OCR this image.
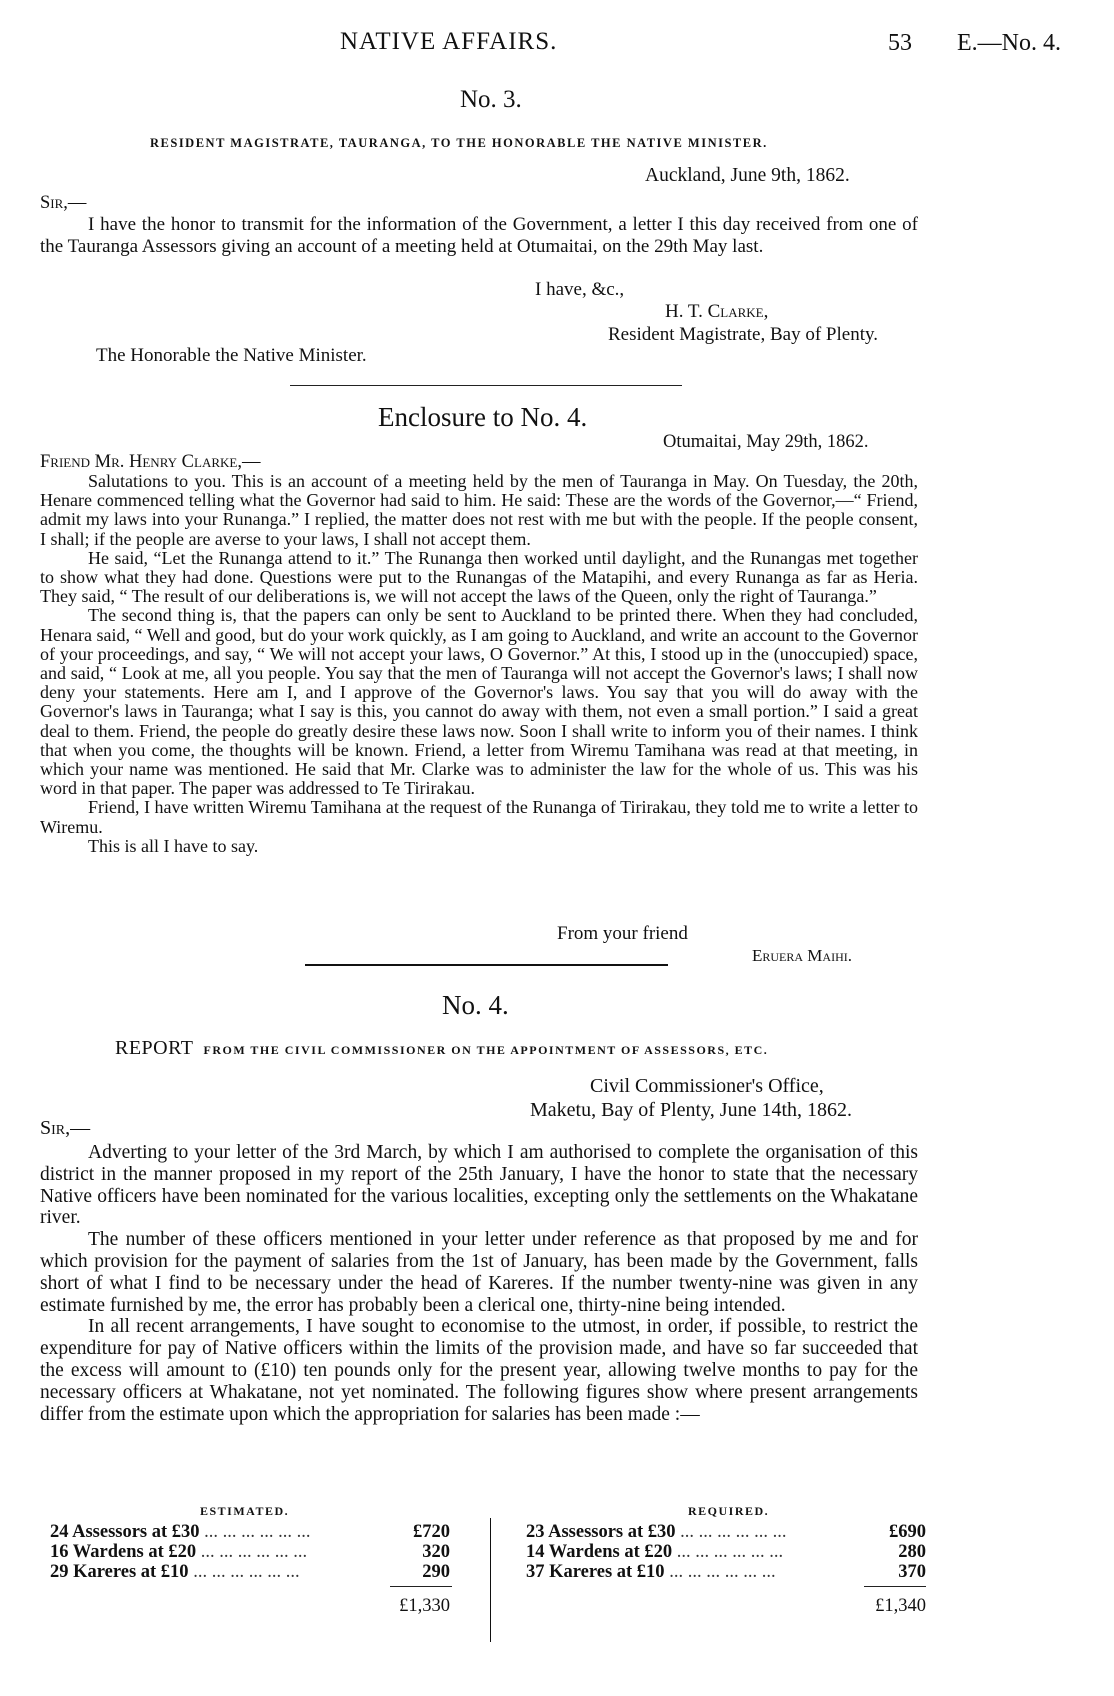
NATIVE AFFAIRS.	53 E.—No. 4.
No. 3.
RESIDENT MAGISTRATE, TAURANGA, TO THE HONORABLE THE NATIVE MINISTER.
Auckland, June 9th, 1862.
Sir,—

I have the honor to transmit for the information of the Government, a letter I this day received from one of the Tauranga Assessors giving an account of a meeting held at Otumaitai, on the 29th May last.

I have, &c.,
H. T. Clarke,
Resident Magistrate, Bay of Plenty.
The Honorable the Native Minister.
Enclosure to No. 4.
Otumaitai, May 29th, 1862.
Friend Mr. Henry Clarke,—

Salutations to you. This is an account of a meeting held by the men of Tauranga in May. On Tuesday, the 20th, Henare commenced telling what the Governor had said to him. He said: These are the words of the Governor,—“ Friend, admit my laws into your Runanga.” I replied, the matter does not rest with me but with the people. If the people consent, I shall; if the people are averse to your laws, I shall not accept them.

He said, “Let the Runanga attend to it.” The Runanga then worked until daylight, and the Runangas met together to show what they had done. Questions were put to the Runangas of the Matapihi, and every Runanga as far as Heria. They said, “ The result of our deliberations is, we will not accept the laws of the Queen, only the right of Tauranga.”

The second thing is, that the papers can only be sent to Auckland to be printed there. When they had concluded, Henara said, “ Well and good, but do your work quickly, as I am going to Auckland, and write an account to the Governor of your proceedings, and say, “ We will not accept your laws, O Governor.” At this, I stood up in the (unoccupied) space, and said, “ Look at me, all you people. You say that the men of Tauranga will not accept the Governor's laws; I shall now deny your statements. Here am I, and I approve of the Governor's laws. You say that you will do away with the Governor's laws in Tauranga; what I say is this, you cannot do away with them, not even a small portion.” I said a great deal to them. Friend, the people do greatly desire these laws now. Soon I shall write to inform you of their names. I think that when you come, the thoughts will be known. Friend, a letter from Wiremu Tamihana was read at that meeting, in which your name was mentioned. He said that Mr. Clarke was to administer the law for the whole of us. This was his word in that paper. The paper was addressed to Te Tirirakau.

Friend, I have written Wiremu Tamihana at the request of the Runanga of Tirirakau, they told me to write a letter to Wiremu.

This is all I have to say.

From your friend
Eruera Maihi.
No. 4.
REPORT FROM THE CIVIL COMMISSIONER ON THE APPOINTMENT OF ASSESSORS, ETC.
Civil Commissioner's Office,
Maketu, Bay of Plenty, June 14th, 1862.
Sir,—

Adverting to your letter of the 3rd March, by which I am authorised to complete the organisation of this district in the manner proposed in my report of the 25th January, I have the honor to state that the necessary Native officers have been nominated for the various localities, excepting only the settlements on the Whakatane river.

The number of these officers mentioned in your letter under reference as that proposed by me and for which provision for the payment of salaries from the 1st of January, has been made by the Government, falls short of what I find to be necessary under the head of Kareres. If the number twenty-nine was given in any estimate furnished by me, the error has probably been a clerical one, thirty-nine being intended.

In all recent arrangements, I have sought to economise to the utmost, in order, if possible, to restrict the expenditure for pay of Native officers within the limits of the provision made, and have so far succeeded that the excess will amount to (£10) ten pounds only for the present year, allowing twelve months to pay for the necessary officers at Whakatane, not yet nominated. The following figures show where present arrangements differ from the estimate upon which the appropriation for salaries has been made :—

ESTIMATED.	REQUIRED.
24 Assessors at £30 ... ... ... ... ... ...
16 Wardens at £20 ... ... ... ... ... ...
29 Kareres at £10 ... ... ... ... ... ...
£720
320
290
£1,330
23 Assessors at £30 ... ... ... ... ... ...
14 Wardens at £20 ... ... ... ... ... ...
37 Kareres at £10 ... ... ... ... ... ...
£690
280
370
£1,340
